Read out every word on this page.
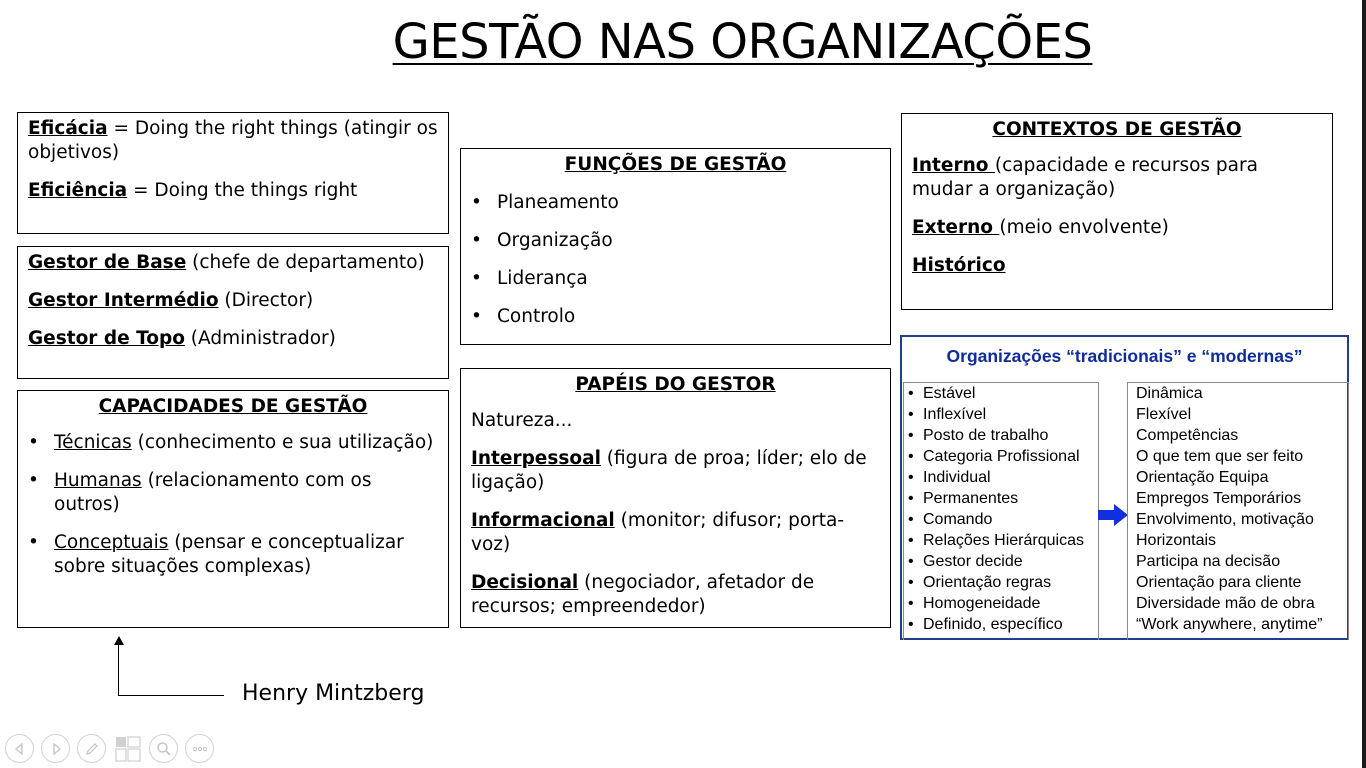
GESTÃO NAS ORGANIZAÇÕES

Eficácia = Doing the right things (atingir os objetivos)

Eficiência = Doing the things right

Gestor de Base (chefe de departamento)

Gestor Intermédio (Director)

Gestor de Topo (Administrador)

CAPACIDADES DE GESTÃO
• Técnicas (conhecimento e sua utilização)
• Humanas (relacionamento com os outros)
• Conceptuais (pensar e conceptualizar sobre situações complexas)
FUNÇÕES DE GESTÃO
• Planeamento
• Organização
• Liderança
• Controlo
PAPÉIS DO GESTOR

Natureza...

Interpessoal (figura de proa; líder; elo de ligação)

Informacional (monitor; difusor; porta-voz)

Decisional (negociador, afetador de recursos; empreendedor)

CONTEXTOS DE GESTÃO

Interno (capacidade e recursos para mudar a organização)

Externo (meio envolvente)

Histórico

Organizações “tradicionais” e “modernas”
• Estável
• Inflexível
• Posto de trabalho
• Categoria Profissional
• Individual
• Permanentes
• Comando
• Relações Hierárquicas
• Gestor decide
• Orientação regras
• Homogeneidade
• Definido, específico
Dinâmica
Flexível
Competências
O que tem que ser feito
Orientação Equipa
Empregos Temporários
Envolvimento, motivação
Horizontais
Participa na decisão
Orientação para cliente
Diversidade mão de obra
“Work anywhere, anytime”
Henry Mintzberg
